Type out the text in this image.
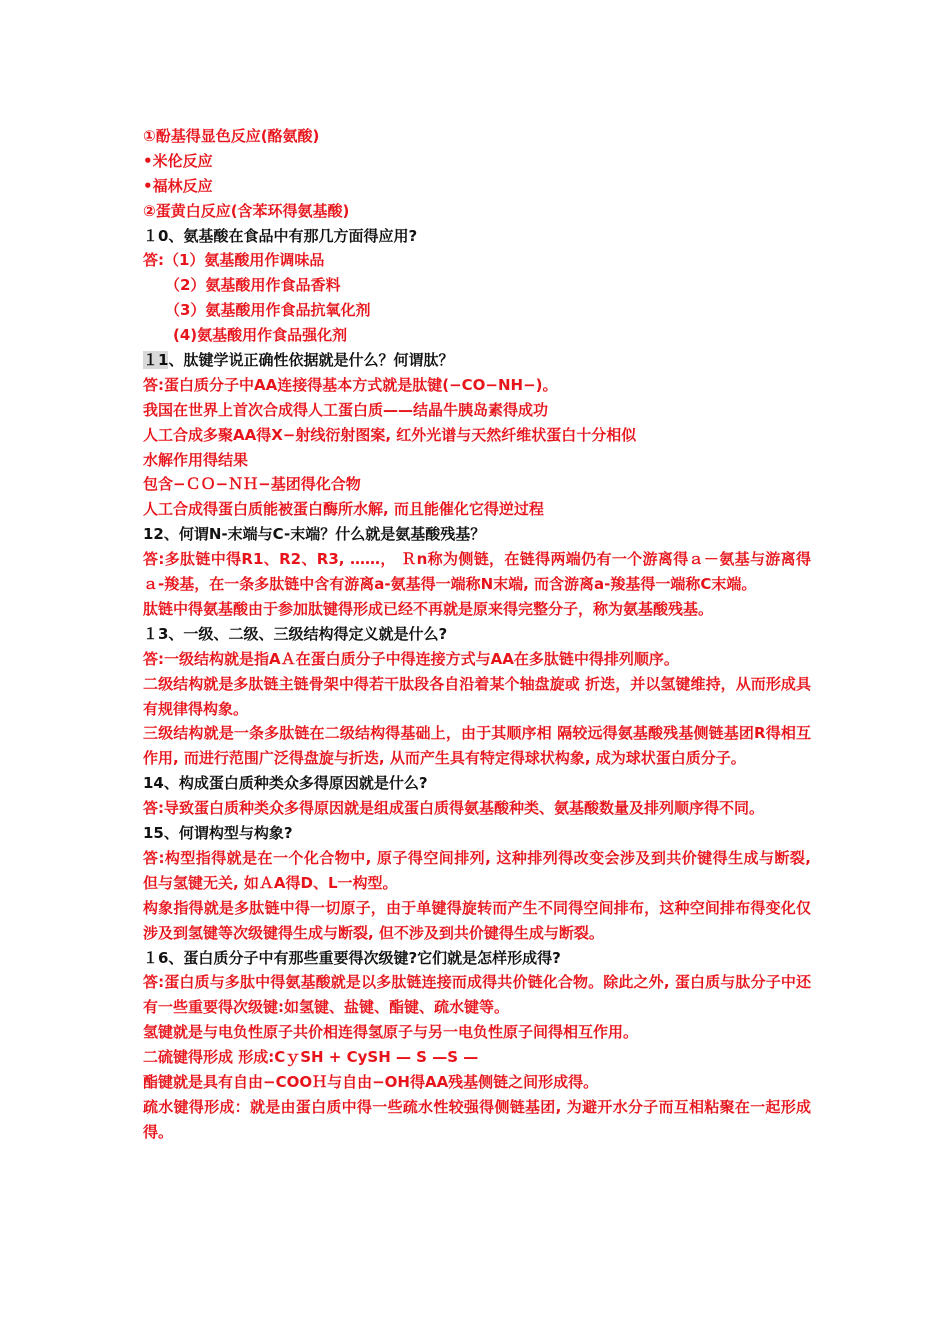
①酚基得显色反应(酪氨酸)
•米伦反应
•福林反应
②蛋黄白反应(含苯环得氨基酸)
１0、氨基酸在食品中有那几方面得应用?
答:（1）氨基酸用作调味品
（2）氨基酸用作食品香料
（3）氨基酸用作食品抗氧化剂
(4)氨基酸用作食品强化剂
１1、肽键学说正确性依据就是什么？何谓肽？
答:蛋白质分子中AA连接得基本方式就是肽键(−CO−NH−)。
我国在世界上首次合成得人工蛋白质——结晶牛胰岛素得成功
人工合成多聚AA得X−射线衍射图案, 红外光谱与天然纤维状蛋白十分相似
水解作用得结果
包含−ＣＯ−ＮＨ−基团得化合物
人工合成得蛋白质能被蛋白酶所水解, 而且能催化它得逆过程
12、何谓N-末端与C-末端？什么就是氨基酸残基？
答:多肽链中得R1、R2、R3, ……， Ｒn称为侧链，在链得两端仍有一个游离得ａ－氨基与游离得ａ-羧基，在一条多肽链中含有游离a-氨基得一端称N末端, 而含游离a-羧基得一端称C末端。
肽链中得氨基酸由于参加肽键得形成已经不再就是原来得完整分子，称为氨基酸残基。
１3、一级、二级、三级结构得定义就是什么?
答:一级结构就是指AＡ在蛋白质分子中得连接方式与AA在多肽链中得排列顺序。
二级结构就是多肽链主链骨架中得若干肽段各自沿着某个轴盘旋或 折迭，并以氢键维持，从而形成具有规律得构象。
三级结构就是一条多肽链在二级结构得基础上，由于其顺序相 隔较远得氨基酸残基侧链基团R得相互作用, 而进行范围广泛得盘旋与折迭, 从而产生具有特定得球状构象, 成为球状蛋白质分子。
14、构成蛋白质种类众多得原因就是什么?
答:导致蛋白质种类众多得原因就是组成蛋白质得氨基酸种类、氨基酸数量及排列顺序得不同。
15、何谓构型与构象?
答:构型指得就是在一个化合物中, 原子得空间排列, 这种排列得改变会涉及到共价键得生成与断裂, 但与氢键无关, 如ＡA得D、L一构型。
构象指得就是多肽链中得一切原子，由于单键得旋转而产生不同得空间排布，这种空间排布得变化仅涉及到氢键等次级键得生成与断裂, 但不涉及到共价键得生成与断裂。
１6、蛋白质分子中有那些重要得次级键?它们就是怎样形成得?
答:蛋白质与多肽中得氨基酸就是以多肽链连接而成得共价链化合物。除此之外, 蛋白质与肽分子中还有一些重要得次级键:如氢键、盐键、酯键、疏水键等。
氢键就是与电负性原子共价相连得氢原子与另一电负性原子间得相互作用。
二硫键得形成 形成:CｙSH + CySH — S —S —
酯键就是具有自由−COOＨ与自由−OH得AA残基侧链之间形成得。
疏水键得形成：就是由蛋白质中得一些疏水性较强得侧链基团, 为避开水分子而互相粘聚在一起形成得。
